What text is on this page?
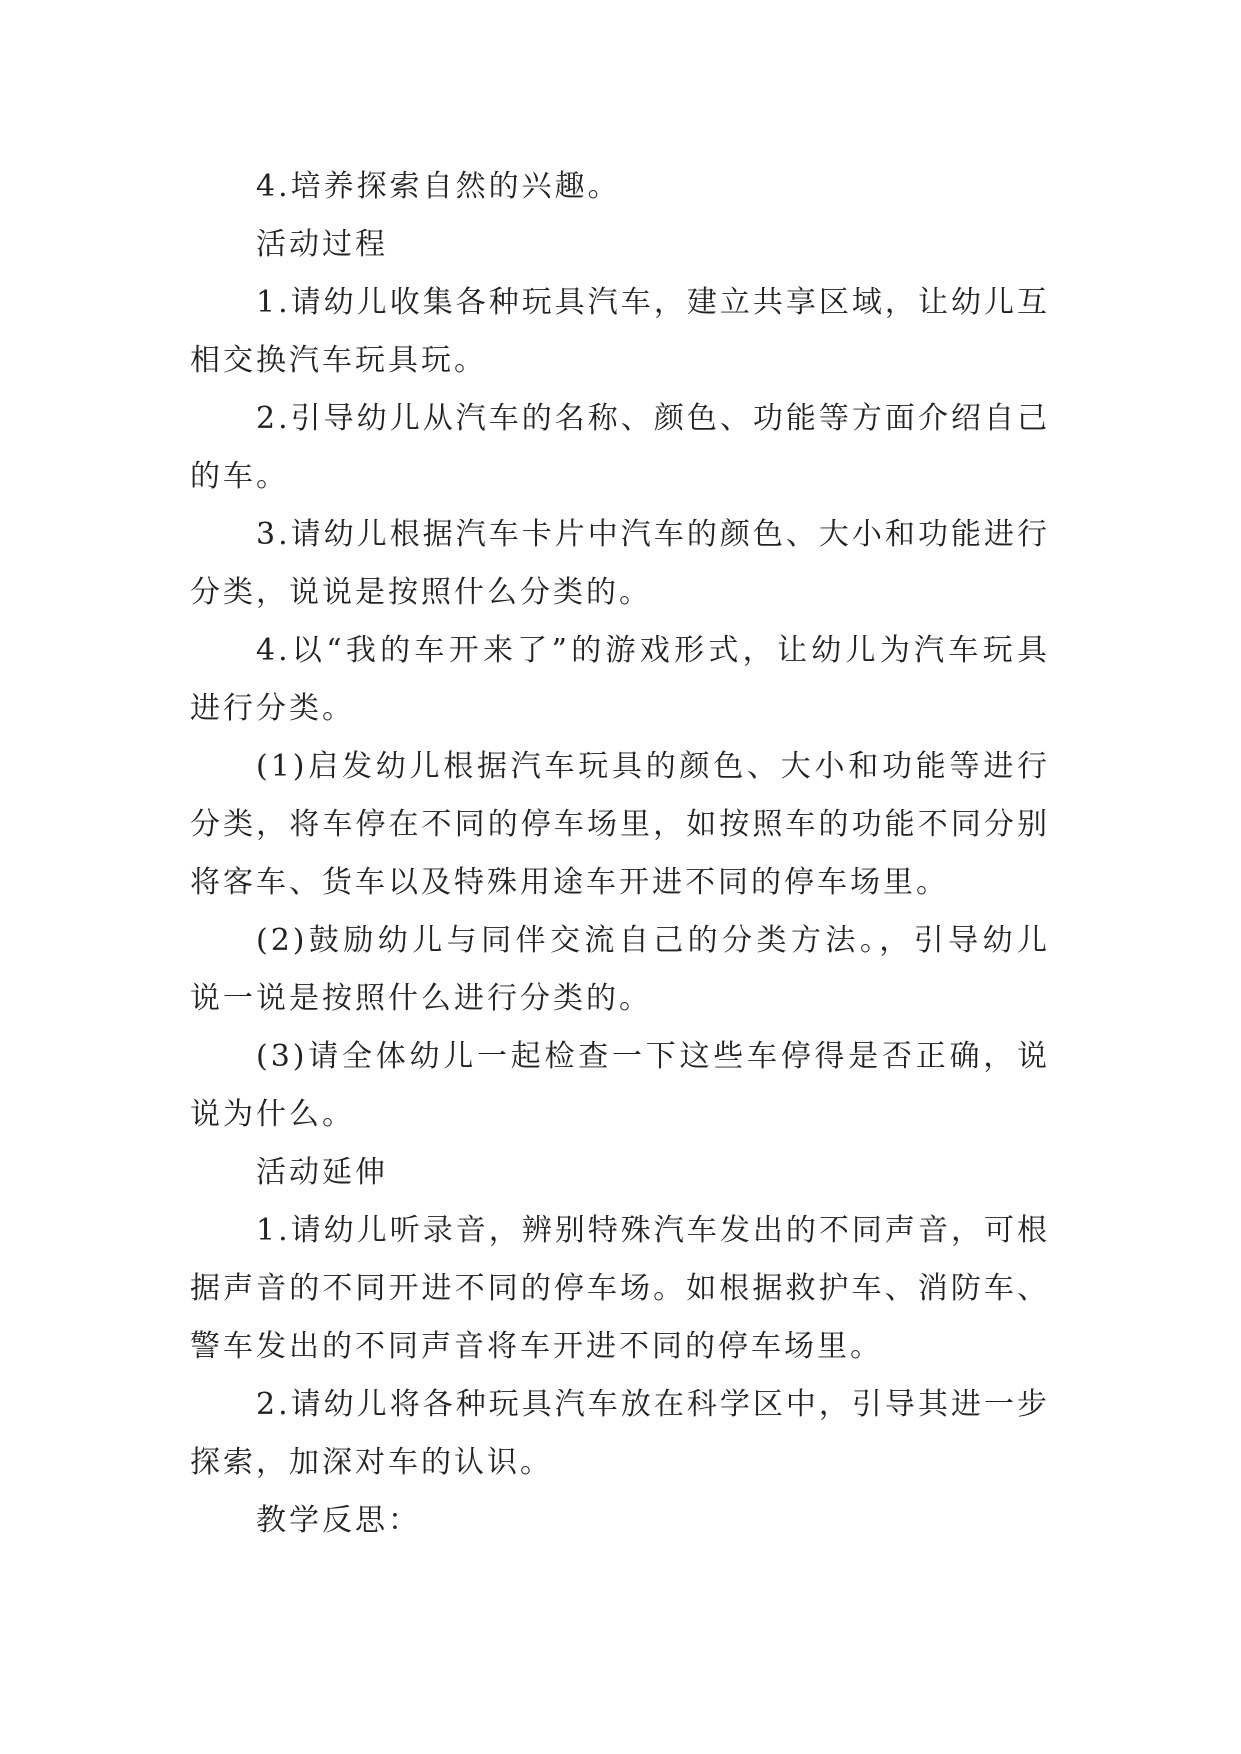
4.培养探索自然的兴趣。

活动过程

1.请幼儿收集各种玩具汽车，建立共享区域，让幼儿互相交换汽车玩具玩。

2.引导幼儿从汽车的名称、颜色、功能等方面介绍自己的车。

3.请幼儿根据汽车卡片中汽车的颜色、大小和功能进行分类，说说是按照什么分类的。

4.以“我的车开来了”的游戏形式，让幼儿为汽车玩具进行分类。

(1)启发幼儿根据汽车玩具的颜色、大小和功能等进行分类，将车停在不同的停车场里，如按照车的功能不同分别将客车、货车以及特殊用途车开进不同的停车场里。

(2)鼓励幼儿与同伴交流自己的分类方法。，引导幼儿说一说是按照什么进行分类的。

(3)请全体幼儿一起检查一下这些车停得是否正确，说说为什么。

活动延伸

1.请幼儿听录音，辨别特殊汽车发出的不同声音，可根据声音的不同开进不同的停车场。如根据救护车、消防车、警车发出的不同声音将车开进不同的停车场里。

2.请幼儿将各种玩具汽车放在科学区中，引导其进一步探索，加深对车的认识。

教学反思：
